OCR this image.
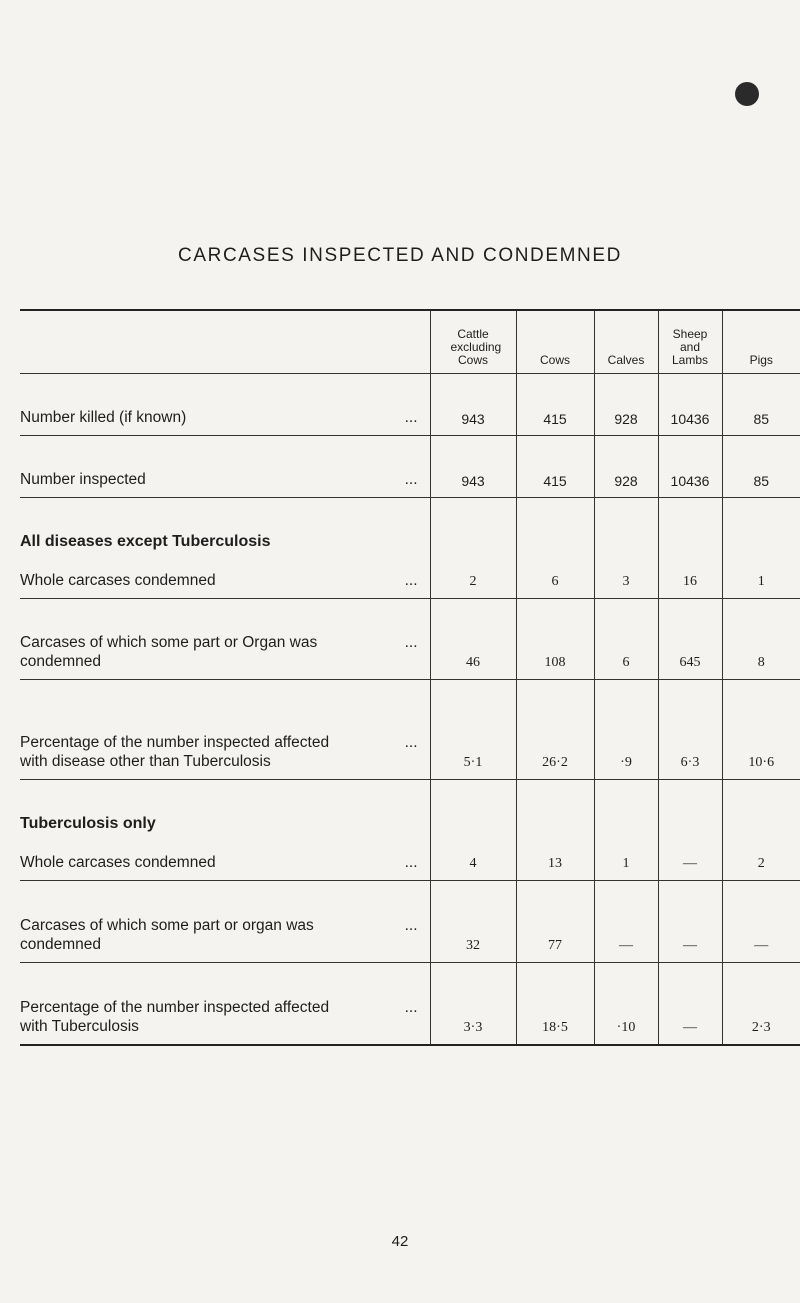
CARCASES INSPECTED AND CONDEMNED
	Cattle excluding Cows	Cows	Calves	Sheep and Lambs	Pigs
Number killed (if known) ...	943	415	928	10436	85
Number inspected ...	943	415	928	10436	85

All diseases except Tuberculosis
Whole carcases condemned ...	2	6	3	16	1
Carcases of which some part or Organ was condemned
...	46	108	6	645	8
Percentage of the number inspected affected with disease other than Tuberculosis
...	5·1	26·2	·9	6·3	10·6

Tuberculosis only
Whole carcases condemned ...	4	13	1	—	2
Carcases of which some part or organ was condemned
...	32	77	—	—	—
Percentage of the number inspected affected with Tuberculosis
...	3·3	18·5	·10	—	2·3
42
